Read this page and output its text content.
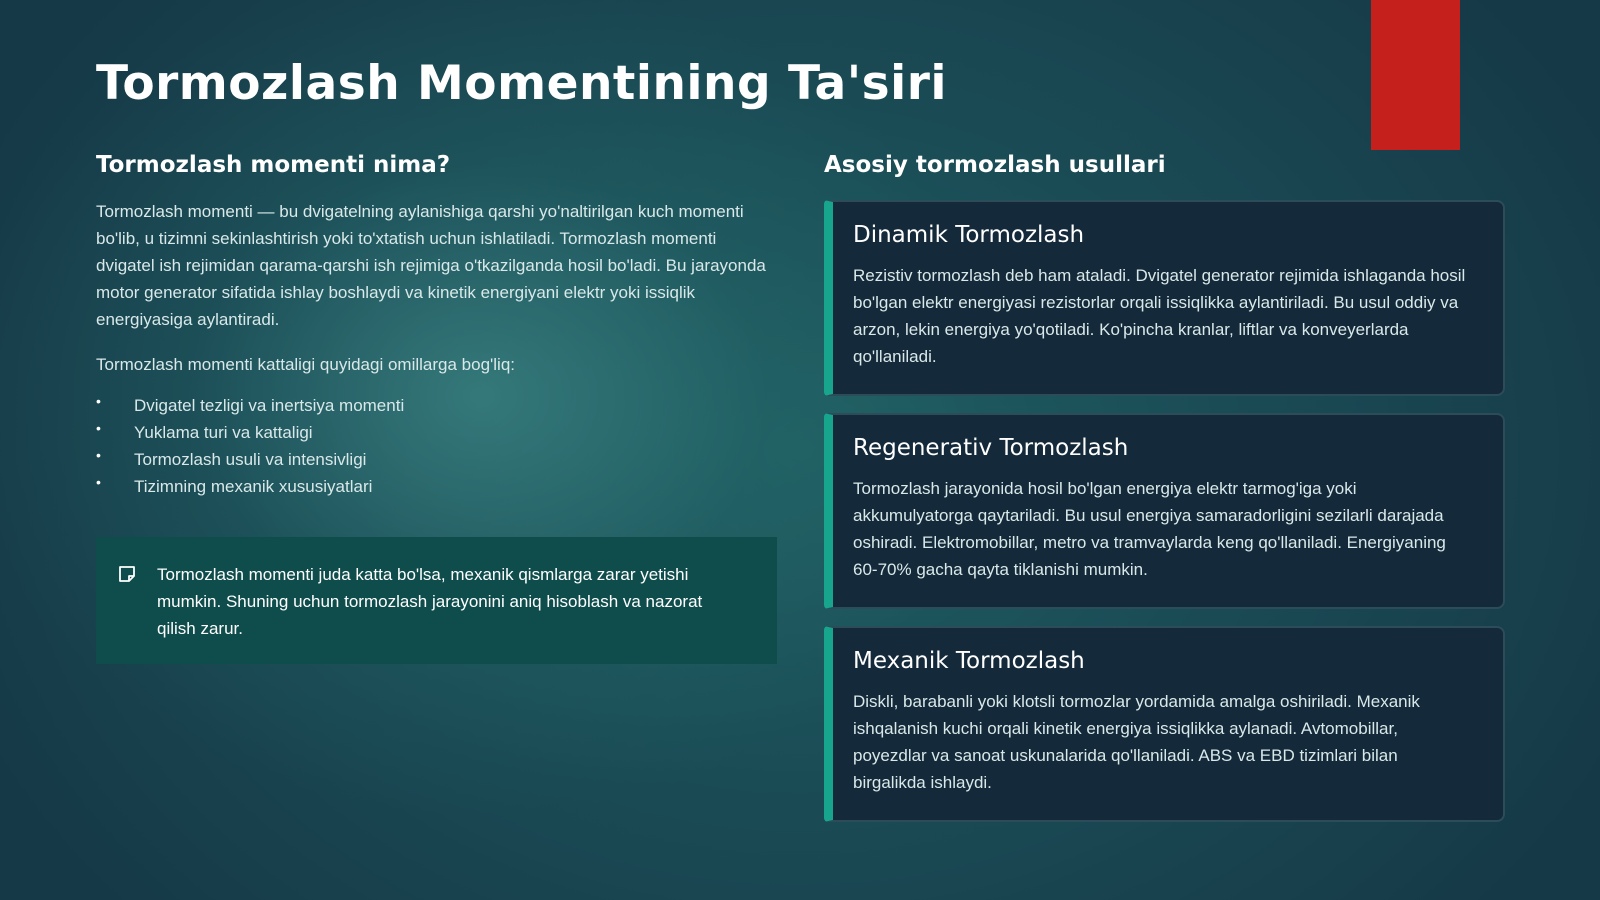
Tormozlash Momentining Ta'siri
Tormozlash momenti nima?

Tormozlash momenti — bu dvigatelning aylanishiga qarshi yo'naltirilgan kuch momenti bo'lib, u tizimni sekinlashtirish yoki to'xtatish uchun ishlatiladi. Tormozlash momenti dvigatel ish rejimidan qarama-qarshi ish rejimiga o'tkazilganda hosil bo'ladi. Bu jarayonda motor generator sifatida ishlay boshlaydi va kinetik energiyani elektr yoki issiqlik energiyasiga aylantiradi.

Tormozlash momenti kattaligi quyidagi omillarga bog'liq:

• Dvigatel tezligi va inertsiya momenti
• Yuklama turi va kattaligi
• Tormozlash usuli va intensivligi
• Tizimning mexanik xususiyatlari
Tormozlash momenti juda katta bo'lsa, mexanik qismlarga zarar yetishi mumkin. Shuning uchun tormozlash jarayonini aniq hisoblash va nazorat qilish zarur.
Asosiy tormozlash usullari
Dinamik Tormozlash

Rezistiv tormozlash deb ham ataladi. Dvigatel generator rejimida ishlaganda hosil bo'lgan elektr energiyasi rezistorlar orqali issiqlikka aylantiriladi. Bu usul oddiy va arzon, lekin energiya yo'qotiladi. Ko'pincha kranlar, liftlar va konveyerlarda qo'llaniladi.

Regenerativ Tormozlash

Tormozlash jarayonida hosil bo'lgan energiya elektr tarmog'iga yoki akkumulyatorga qaytariladi. Bu usul energiya samaradorligini sezilarli darajada oshiradi. Elektromobillar, metro va tramvaylarda keng qo'llaniladi. Energiyaning 60-70% gacha qayta tiklanishi mumkin.

Mexanik Tormozlash

Diskli, barabanli yoki klotsli tormozlar yordamida amalga oshiriladi. Mexanik ishqalanish kuchi orqali kinetik energiya issiqlikka aylanadi. Avtomobillar, poyezdlar va sanoat uskunalarida qo'llaniladi. ABS va EBD tizimlari bilan birgalikda ishlaydi.
